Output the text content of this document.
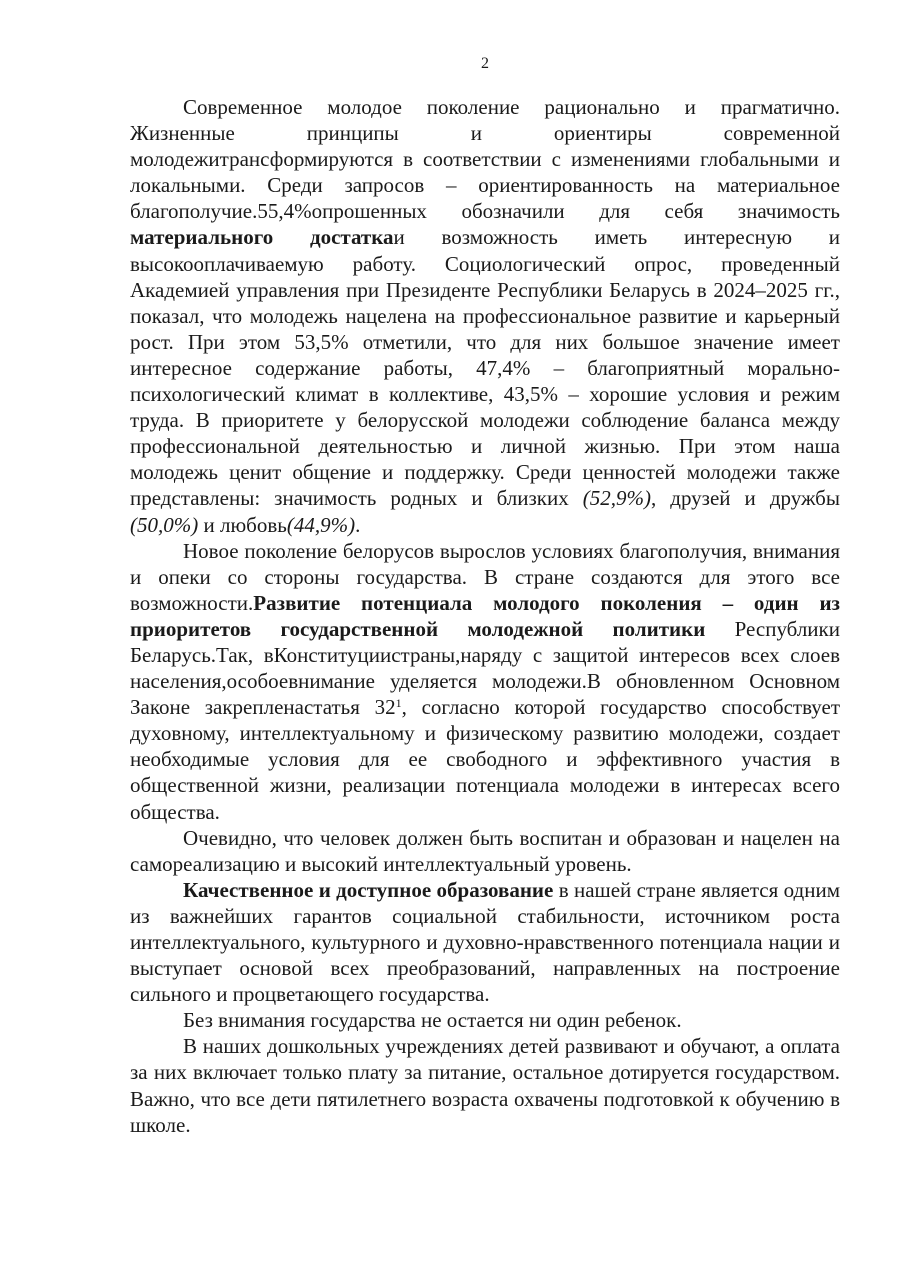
2

Современное молодое поколение рационально и прагматично. Жизненные принципы и ориентиры современной молодежитрансформируются в соответствии с изменениями глобальными и локальными. Среди запросов – ориентированность на материальное благополучие.55,4%опрошенных обозначили для себя значимость материального достаткаи возможность иметь интересную и высокооплачиваемую работу. Социологический опрос, проведенный Академией управления при Президенте Республики Беларусь в 2024–2025 гг., показал, что молодежь нацелена на профессиональное развитие и карьерный рост. При этом 53,5% отметили, что для них большое значение имеет интересное содержание работы, 47,4% – благоприятный морально-психологический климат в коллективе, 43,5% – хорошие условия и режим труда. В приоритете у белорусской молодежи соблюдение баланса между профессиональной деятельностью и личной жизнью. При этом наша молодежь ценит общение и поддержку. Среди ценностей молодежи также представлены: значимость родных и близких (52,9%), друзей и дружбы (50,0%) и любовь(44,9%).

Новое поколение белорусов вырослов условиях благополучия, внимания и опеки со стороны государства. В стране создаются для этого все возможности.Развитие потенциала молодого поколения – один из приоритетов государственной молодежной политики Республики Беларусь.Так, вКонституциистраны,наряду с защитой интересов всех слоев населения,особоевнимание уделяется молодежи.В обновленном Основном Законе закрепленастатья $32^1$, согласно которой государство способствует духовному, интеллектуальному и физическому развитию молодежи, создает необходимые условия для ее свободного и эффективного участия в общественной жизни, реализации потенциала молодежи в интересах всего общества.

Очевидно, что человек должен быть воспитан и образован и нацелен на самореализацию и высокий интеллектуальный уровень.

Качественное и доступное образование в нашей стране является одним из важнейших гарантов социальной стабильности, источником роста интеллектуального, культурного и духовно-нравственного потенциала нации и выступает основой всех преобразований, направленных на построение сильного и процветающего государства.

Без внимания государства не остается ни один ребенок.

В наших дошкольных учреждениях детей развивают и обучают, а оплата за них включает только плату за питание, остальное дотируется государством. Важно, что все дети пятилетнего возраста охвачены подготовкой к обучению в школе.
